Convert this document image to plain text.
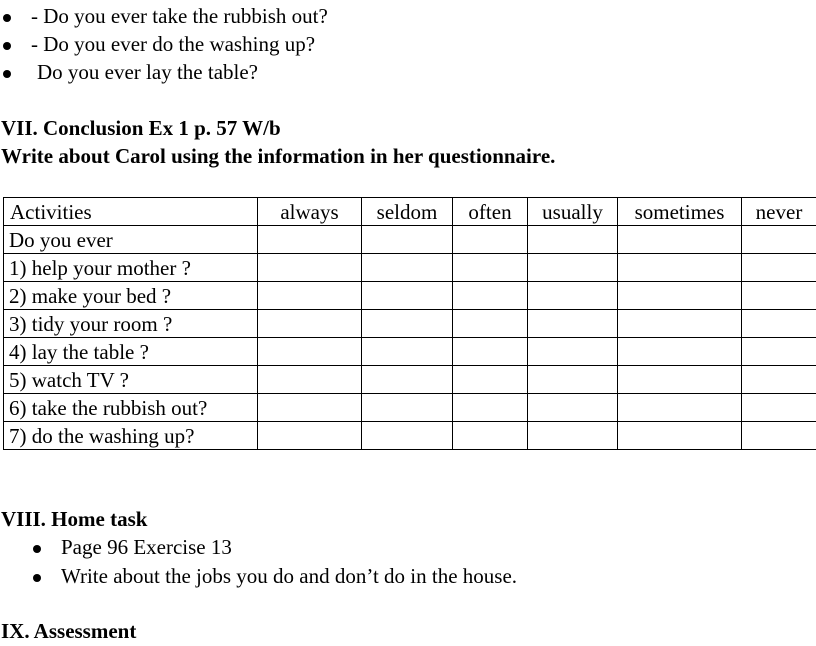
- Do you ever take the rubbish out?
- Do you ever do the washing up?
Do you ever lay the table?
VII. Conclusion Ex 1 p. 57 W/b
Write about Carol using the information in her questionnaire.
Activities	always	seldom	often	usually	sometimes	never
Do you ever						
1) help your mother ?						
2) make your bed ?						
3) tidy your room ?						
4) lay the table ?						
5) watch TV ?						
6) take the rubbish out?						
7) do the washing up?						
VIII. Home task
Page 96 Exercise 13
Write about the jobs you do and don’t do in the house.
IX. Assessment
